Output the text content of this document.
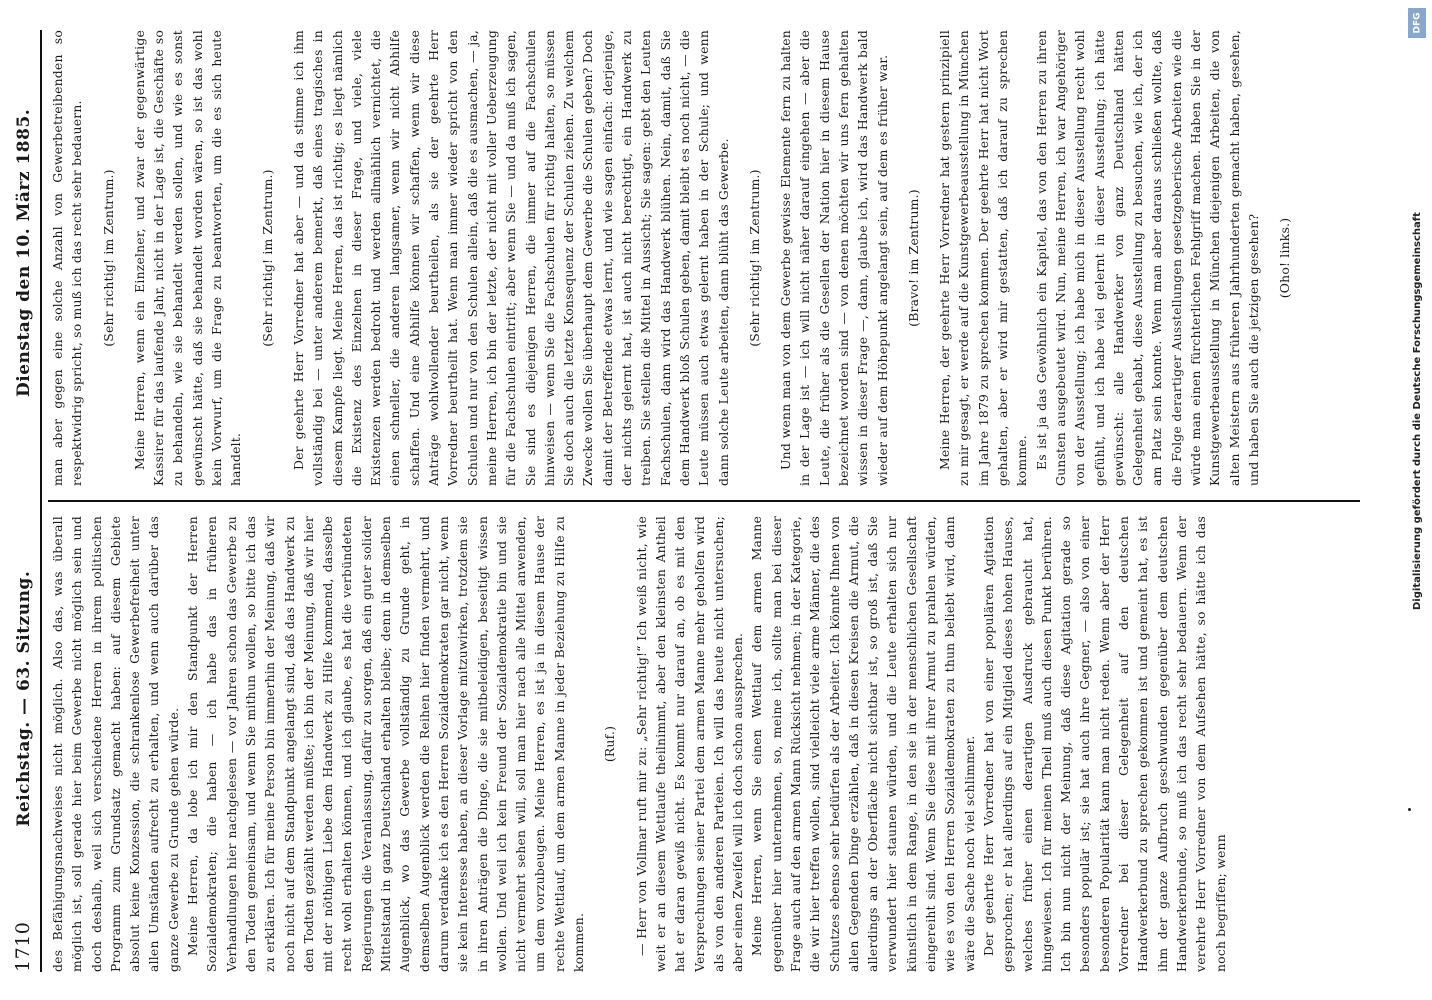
1710
Reichstag. — 63. Sitzung.
Dienstag den 10. März 1885.

des Befähigungsnachweises nicht möglich. Also das, was überall möglich ist, soll gerade hier beim Gewerbe nicht möglich sein und doch deshalb, weil sich verschiedene Herren in ihrem politischen Programm zum Grundsatz gemacht haben: auf diesem Gebiete absolut keine Konzession, die schrankenlose Gewerbefreiheit unter allen Umständen aufrecht zu erhalten, und wenn auch darüber das ganze Gewerbe zu Grunde gehen würde. Meine Herren, da lobe ich mir den Standpunkt der Herren Sozialdemokraten; die haben — ich habe das in früheren Verhandlungen hier nachgelesen — vor Jahren schon das Gewerbe zu den Toden gemeinsam, und wenn Sie mithun wollen, so bitte ich das zu erklären. Ich für meine Person bin immerhin der Meinung, daß wir noch nicht auf dem Standpunkt angelangt sind, daß das Handwerk zu den Todten gezählt werden müßte; ich bin der Meinung, daß wir hier mit der nöthigen Liebe dem Handwerk zu Hilfe kommend, dasselbe recht wohl erhalten können, und ich glaube, es hat die verbündeten Regierungen die Veranlassung, dafür zu sorgen, daß ein guter solider Mittelstand in ganz Deutschland erhalten bleibe; denn in demselben Augenblick, wo das Gewerbe vollständig zu Grunde geht, in demselben Augenblick werden die Reihen hier finden vermehrt, und darum verdanke ich es den Herren Sozialdemokraten gar nicht, wenn sie kein Interesse haben, an dieser Vorlage mitzuwirken, trotzdem sie in ihren Anträgen die Dinge, die sie mitbeleidigen, beseitigt wissen wollen. Und weil ich kein Freund der Sozialdemokratie bin und sie nicht vermehrt sehen will, soll man hier nach alle Mittel anwenden, um dem vorzubeugen. Meine Herren, es ist ja in diesem Hause der rechte Wettlauf, um dem armen Manne in jeder Beziehung zu Hilfe zu kommen.

(Ruf.) — Herr von Vollmar ruft mir zu: „Sehr richtig!“ Ich weiß nicht, wie weit er an diesem Wettlaufe theilnimmt, aber den kleinsten Antheil hat er daran gewiß nicht. Es kommt nur darauf an, ob es mit den Versprechungen seiner Partei dem armen Manne mehr geholfen wird als von den anderen Parteien. Ich will das heute nicht untersuchen; aber einen Zweifel will ich doch schon aussprechen. Meine Herren, wenn Sie einen Wettlauf dem armen Manne gegenüber hier unternehmen, so, meine ich, sollte man bei dieser Frage auch auf den armen Mann Rücksicht nehmen; in der Kategorie, die wir hier treffen wollen, sind vielleicht viele arme Männer, die des Schutzes ebenso sehr bedürfen als der Arbeiter. Ich könnte Ihnen von allen Gegenden Dinge erzählen, daß in diesen Kreisen die Armut, die allerdings an der Oberfläche nicht sichtbar ist, so groß ist, daß Sie verwundert hier staunen würden, und die Leute erhalten sich nur künstlich in dem Range, in den sie in der menschlichen Gesellschaft eingereiht sind. Wenn Sie diese mit ihrer Armut zu prahlen würden, wie es von den Herren Sozialdemokraten zu thun beliebt wird, dann wäre die Sache noch viel schlimmer. Der geehrte Herr Vorredner hat von einer populären Agitation gesprochen; er hat allerdings auf ein Mitglied dieses hohen Hauses, welches früher einen derartigen Ausdruck gebraucht hat, hingewiesen. Ich für meinen Theil muß auch diesen Punkt berühren. Ich bin nun nicht der Meinung, daß diese Agitation gerade so besonders populär ist; sie hat auch ihre Gegner, — also von einer besonderen Popularität kann man nicht reden. Wenn aber der Herr Vorredner bei dieser Gelegenheit auf den deutschen Handwerkerbund zu sprechen gekommen ist und gemeint hat, es ist ihm der ganze Aufbruch geschwunden gegenüber dem deutschen Handwerkerbunde, so muß ich das recht sehr bedauern. Wenn der verehrte Herr Vorredner von dem Aufsehen hätte, so hätte ich das noch begriffen; wenn

man aber gegen eine solche Anzahl von Gewerbetreibenden so respektwidrig spricht, so muß ich das recht sehr bedauern. (Sehr richtig! im Zentrum.) Meine Herren, wenn ein Einzelner, und zwar der gegenwärtige Kassirer für das laufende Jahr, nicht in der Lage ist, die Geschäfte so zu behandeln, wie sie behandelt werden sollen, und wie es sonst gewünscht hätte, daß sie behandelt worden wären, so ist das wohl kein Vorwurf, um die Frage zu beantworten, um die es sich heute handelt.

(Sehr richtig! im Zentrum.) Der geehrte Herr Vorredner hat aber — und da stimme ich ihm vollständig bei — unter anderem bemerkt, daß eines tragisches in diesem Kampfe liegt. Meine Herren, das ist richtig; es liegt nämlich die Existenz des Einzelnen in dieser Frage, und viele, viele Existenzen werden bedroht und werden allmählich vernichtet, die einen schneller, die anderen langsamer, wenn wir nicht Abhilfe schaffen. Und eine Abhilfe können wir schaffen, wenn wir diese Anträge wohlwollender beurtheilen, als sie der geehrte Herr Vorredner beurtheilt hat. Wenn man immer wieder spricht von den Schulen und nur von den Schulen allein, daß die es ausmachen, — ja, meine Herren, ich bin der letzte, der nicht mit voller Ueberzeugung für die Fachschulen eintritt; aber wenn Sie — und da muß ich sagen, Sie sind es diejenigen Herren, die immer auf die Fachschulen hinweisen — wenn Sie die Fachschulen für richtig halten, so müssen Sie doch auch die letzte Konsequenz der Schulen ziehen. Zu welchem Zwecke wollen Sie überhaupt dem Gewerbe die Schulen geben? Doch damit der Betreffende etwas lernt, und wie sagen einfach: derjenige, der nichts gelernt hat, ist auch nicht berechtigt, ein Handwerk zu treiben. Sie stellen die Mittel in Aussicht; Sie sagen: gebt den Leuten Fachschulen, dann wird das Handwerk blühen. Nein, damit, daß Sie dem Handwerk bloß Schulen geben, damit bleibt es noch nicht, — die Leute müssen auch etwas gelernt haben in der Schule; und wenn dann solche Leute arbeiten, dann blüht das Gewerbe. (Sehr richtig! im Zentrum.) Und wenn man von dem Gewerbe gewisse Elemente fern zu halten in der Lage ist — ich will nicht näher darauf eingehen — aber die Leute, die früher als die Gesellen der Nation hier in diesem Hause bezeichnet worden sind — von denen möchten wir uns fern gehalten wissen in dieser Frage —, dann, glaube ich, wird das Handwerk bald wieder auf dem Höhepunkt angelangt sein, auf dem es früher war. (Bravo! im Zentrum.) Meine Herren, der geehrte Herr Vorredner hat gestern prinzipiell zu mir gesagt, er werde auf die Kunstgewerbeausstellung in München im Jahre 1879 zu sprechen kommen. Der geehrte Herr hat nicht Wort gehalten, aber er wird mir gestatten, daß ich darauf zu sprechen komme. Es ist ja das Gewöhnlich ein Kapitel, das von den Herren zu ihren Gunsten ausgebeutet wird. Nun, meine Herren, ich war Angehöriger von der Ausstellung; ich habe mich in dieser Ausstellung recht wohl gefühlt, und ich habe viel gelernt in dieser Ausstellung; ich hätte gewünscht: alle Handwerker von ganz Deutschland hätten Gelegenheit gehabt, diese Ausstellung zu besuchen, wie ich, der ich am Platz sein konnte. Wenn man aber daraus schließen wollte, daß die Folge derartiger Ausstellungen gesetzgeberische Arbeiten wie die würde man einen fürchterlichen Fehlgriff machen. Haben Sie in der Kunstgewerbeausstellung in München diejenigen Arbeiten, die von alten Meistern aus früheren Jahrhunderten gemacht haben, gesehen, und haben Sie auch die jetzigen gesehen? (Oho! links.)

DFG
Digitalisierung gefördert durch die Deutsche Forschungsgemeinschaft
